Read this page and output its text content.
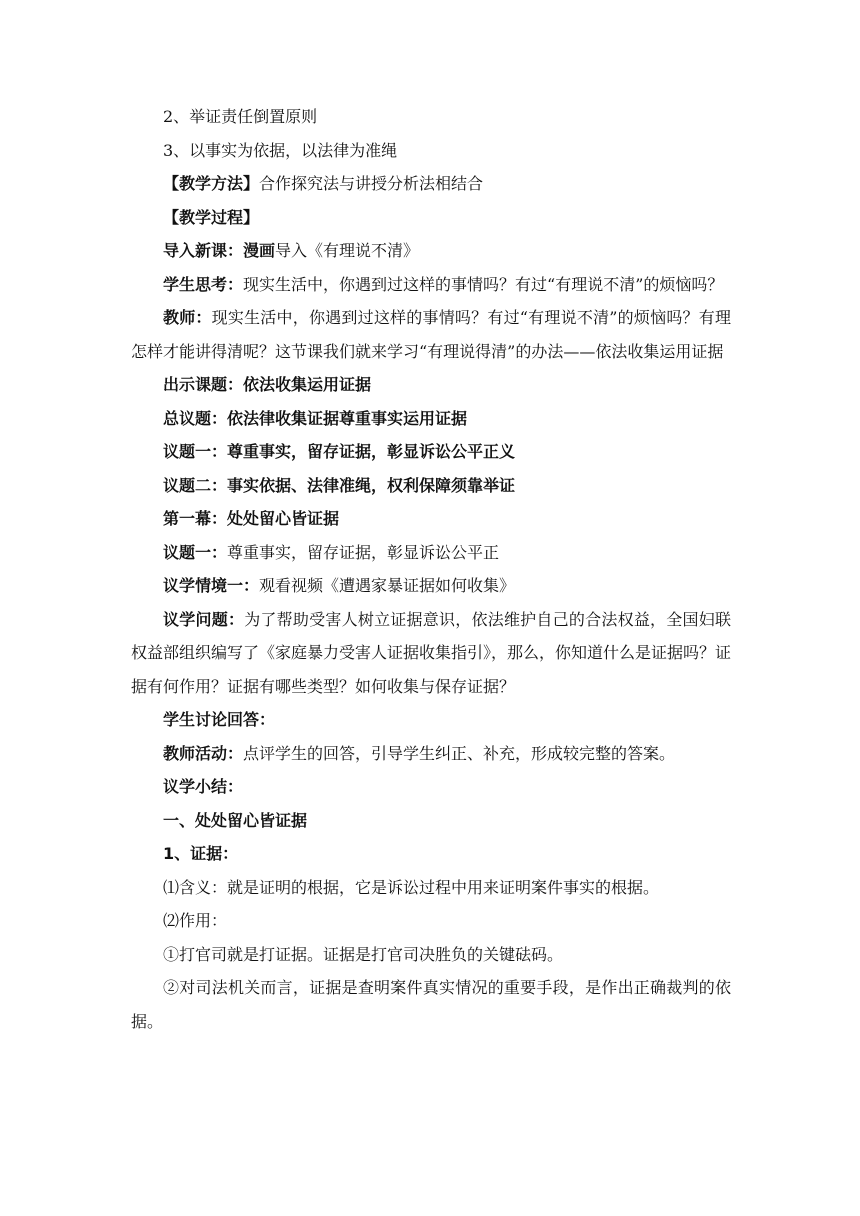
2、举证责任倒置原则

3、以事实为依据，以法律为准绳

【教学方法】合作探究法与讲授分析法相结合

【教学过程】

导入新课：漫画导入《有理说不清》

学生思考：现实生活中，你遇到过这样的事情吗？有过“有理说不清”的烦恼吗？

教师：现实生活中，你遇到过这样的事情吗？有过“有理说不清”的烦恼吗？有理怎样才能讲得清呢？这节课我们就来学习“有理说得清”的办法——依法收集运用证据

出示课题：依法收集运用证据

总议题：依法律收集证据尊重事实运用证据

议题一：尊重事实，留存证据，彰显诉讼公平正义

议题二：事实依据、法律准绳，权利保障须靠举证

第一幕：处处留心皆证据

议题一：尊重事实，留存证据，彰显诉讼公平正

议学情境一：观看视频《遭遇家暴证据如何收集》

议学问题：为了帮助受害人树立证据意识，依法维护自己的合法权益，全国妇联权益部组织编写了《家庭暴力受害人证据收集指引》，那么，你知道什么是证据吗？证据有何作用？证据有哪些类型？如何收集与保存证据？

学生讨论回答：

教师活动：点评学生的回答，引导学生纠正、补充，形成较完整的答案。

议学小结：

一、处处留心皆证据

1、证据：

⑴含义：就是证明的根据，它是诉讼过程中用来证明案件事实的根据。

⑵作用：

①打官司就是打证据。证据是打官司决胜负的关键砝码。

②对司法机关而言，证据是查明案件真实情况的重要手段，是作出正确裁判的依据。
